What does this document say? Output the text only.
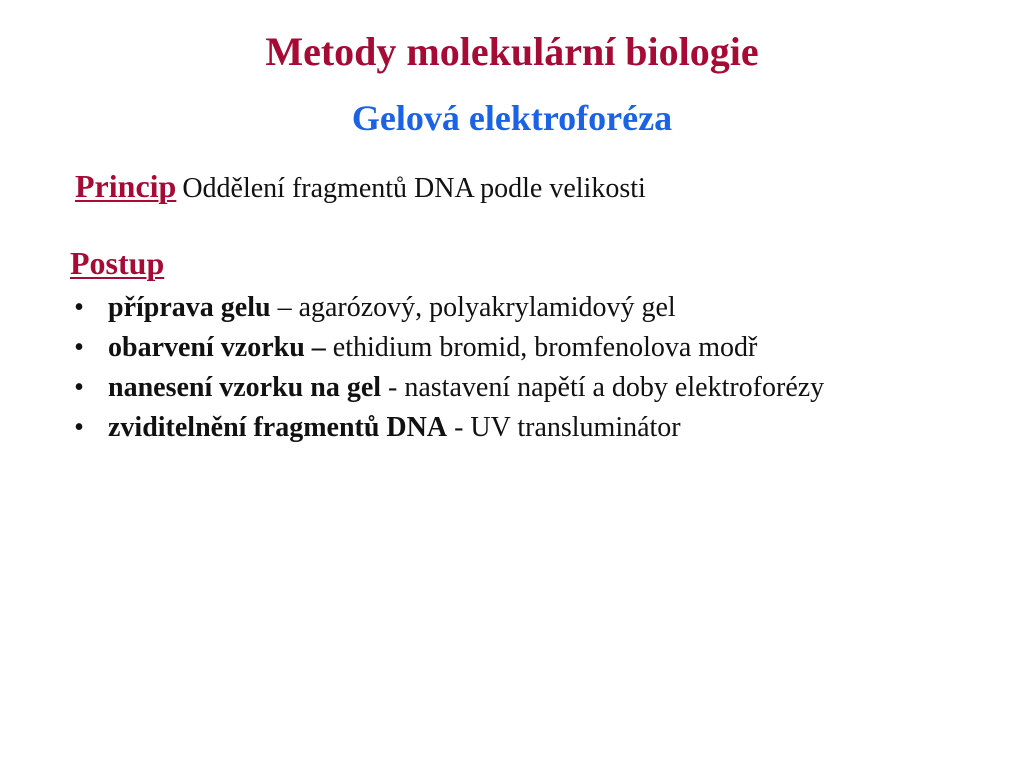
Metody molekulární biologie
Gelová elektroforéza
Princip Oddělení fragmentů DNA podle velikosti
Postup
• příprava gelu – agarózový, polyakrylamidový gel
• obarvení vzorku – ethidium bromid, bromfenolova modř
• nanesení vzorku na gel - nastavení napětí a doby elektroforézy
• zviditelnění fragmentů DNA - UV transluminátor
